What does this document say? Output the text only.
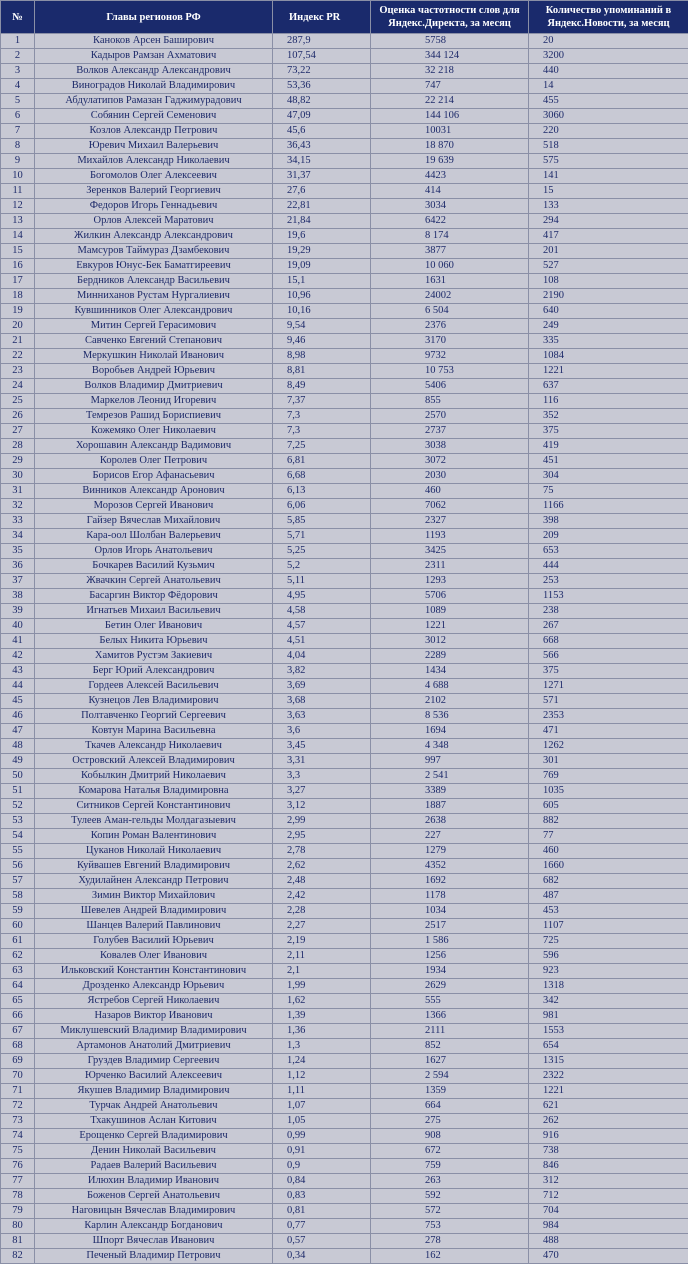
№	Главы регионов РФ	Индекс PR	Оценка частотности слов для Яндекс.Директа, за месяц	Количество упоминаний в Яндекс.Новости, за месяц
1	Каноков Арсен Баширович	287,9	5758	20
2	Кадыров Рамзан Ахматович	107,54	344 124	3200
3	Волков Александр Александрович	73,22	32 218	440
4	Виноградов Николай Владимирович	53,36	747	14
5	Абдулатипов Рамазан Гаджимурадович	48,82	22 214	455
6	Собянин Сергей Семенович	47,09	144 106	3060
7	Козлов Александр Петрович	45,6	10031	220
8	Юревич Михаил Валерьевич	36,43	18 870	518
9	Михайлов Александр Николаевич	34,15	19 639	575
10	Богомолов Олег Алексеевич	31,37	4423	141
11	Зеренков Валерий Георгиевич	27,6	414	15
12	Федоров Игорь Геннадьевич	22,81	3034	133
13	Орлов Алексей Маратович	21,84	6422	294
14	Жилкин Александр Александрович	19,6	8 174	417
15	Мамсуров Таймураз Дзамбекович	19,29	3877	201
16	Евкуров Юнус-Бек Баматгиреевич	19,09	10 060	527
17	Бердников Александр Васильевич	15,1	1631	108
18	Минниханов Рустам Нургалиевич	10,96	24002	2190
19	Кувшинников Олег Александрович	10,16	6 504	640
20	Митин Сергей Герасимович	9,54	2376	249
21	Савченко Евгений Степанович	9,46	3170	335
22	Меркушкин Николай Иванович	8,98	9732	1084
23	Воробьев Андрей Юрьевич	8,81	10 753	1221
24	Волков Владимир Дмитриевич	8,49	5406	637
25	Маркелов Леонид Игоревич	7,37	855	116
26	Темрезов Рашид Бориспиевич	7,3	2570	352
27	Кожемяко Олег Николаевич	7,3	2737	375
28	Хорошавин Александр Вадимович	7,25	3038	419
29	Королев Олег Петрович	6,81	3072	451
30	Борисов Егор Афанасьевич	6,68	2030	304
31	Винников Александр Аронович	6,13	460	75
32	Морозов Сергей Иванович	6,06	7062	1166
33	Гайзер Вячеслав Михайлович	5,85	2327	398
34	Кара-оол Шолбан Валерьевич	5,71	1193	209
35	Орлов Игорь Анатольевич	5,25	3425	653
36	Бочкарев Василий Кузьмич	5,2	2311	444
37	Жвачкин Сергей Анатольевич	5,11	1293	253
38	Басаргин Виктор Фёдорович	4,95	5706	1153
39	Игнатьев Михаил Васильевич	4,58	1089	238
40	Бетин Олег Иванович	4,57	1221	267
41	Белых Никита Юрьевич	4,51	3012	668
42	Хамитов Рустэм Закиевич	4,04	2289	566
43	Берг Юрий Александрович	3,82	1434	375
44	Гордеев Алексей Васильевич	3,69	4 688	1271
45	Кузнецов Лев Владимирович	3,68	2102	571
46	Полтавченко Георгий Сергеевич	3,63	8 536	2353
47	Ковтун Марина Васильевна	3,6	1694	471
48	Ткачев Александр Николаевич	3,45	4 348	1262
49	Островский Алексей Владимирович	3,31	997	301
50	Кобылкин Дмитрий Николаевич	3,3	2 541	769
51	Комарова Наталья Владимировна	3,27	3389	1035
52	Ситников Сергей Константинович	3,12	1887	605
53	Тулеев Аман-гельды Молдагазыевич	2,99	2638	882
54	Копин Роман Валентинович	2,95	227	77
55	Цуканов Николай Николаевич	2,78	1279	460
56	Куйвашев Евгений Владимирович	2,62	4352	1660
57	Худилайнен Александр Петрович	2,48	1692	682
58	Зимин Виктор Михайлович	2,42	1178	487
59	Шевелев Андрей Владимирович	2,28	1034	453
60	Шанцев Валерий Павлинович	2,27	2517	1107
61	Голубев Василий Юрьевич	2,19	1 586	725
62	Ковалев Олег Иванович	2,11	1256	596
63	Ильковский Константин Константинович	2,1	1934	923
64	Дрозденко Александр Юрьевич	1,99	2629	1318
65	Ястребов Сергей Николаевич	1,62	555	342
66	Назаров Виктор Иванович	1,39	1366	981
67	Миклушевский Владимир Владимирович	1,36	2111	1553
68	Артамонов Анатолий Дмитриевич	1,3	852	654
69	Груздев Владимир Сергеевич	1,24	1627	1315
70	Юрченко Василий Алексеевич	1,12	2 594	2322
71	Якушев Владимир Владимирович	1,11	1359	1221
72	Турчак Андрей Анатольевич	1,07	664	621
73	Тхакушинов Аслан Китович	1,05	275	262
74	Ерощенко Сергей Владимирович	0,99	908	916
75	Денин Николай Васильевич	0,91	672	738
76	Радаев Валерий Васильевич	0,9	759	846
77	Илюхин Владимир Иванович	0,84	263	312
78	Боженов Сергей Анатольевич	0,83	592	712
79	Наговицын Вячеслав Владимирович	0,81	572	704
80	Карлин Александр Богданович	0,77	753	984
81	Шпорт Вячеслав Иванович	0,57	278	488
82	Печеный Владимир Петрович	0,34	162	470
